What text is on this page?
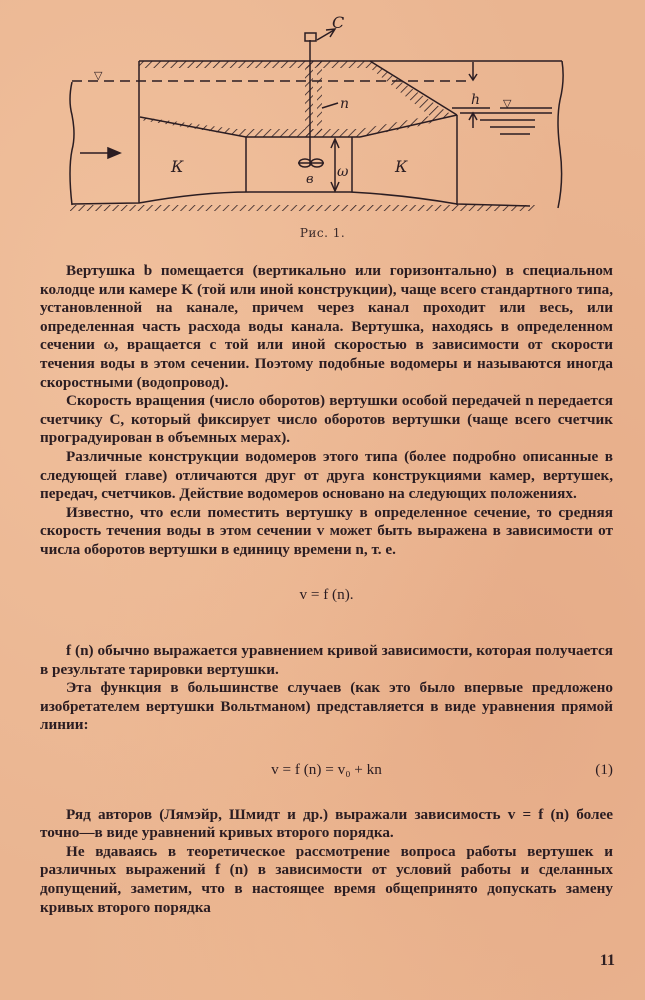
С
n
в ω
К	К
h
▽
▽
Рис. 1.

Вертушка b помещается (вертикально или горизонтально) в специальном колодце или камере K (той или иной конструкции), чаще всего стандартного типа, установленной на канале, причем через канал проходит или весь, или определенная часть расхода воды канала. Вертушка, находясь в определенном сечении ω, вращается с той или иной скоростью в зависимости от скорости течения воды в этом сечении. Поэтому подобные водомеры и называются иногда скоростными (водопровод).

Скорость вращения (число оборотов) вертушки особой передачей n передается счетчику C, который фиксирует число оборотов вертушки (чаще всего счетчик проградуирован в объемных мерах).

Различные конструкции водомеров этого типа (более подробно описанные в следующей главе) отличаются друг от друга конструкциями камер, вертушек, передач, счетчиков. Действие водомеров основано на следующих положениях.

Известно, что если поместить вертушку в определенное сечение, то средняя скорость течения воды в этом сечении v может быть выражена в зависимости от числа оборотов вертушки в единицу времени n, т. е.

v = f (n).

f (n) обычно выражается уравнением кривой зависимости, которая получается в результате тарировки вертушки.

Эта функция в большинстве случаев (как это было впервые предложено изобретателем вертушки Вольтманом) представляется в виде уравнения прямой линии:

v = f (n) = v₀ + kn	(1)

Ряд авторов (Лямэйр, Шмидт и др.) выражали зависимость v = f (n) более точно—в виде уравнений кривых второго порядка.

Не вдаваясь в теоретическое рассмотрение вопроса работы вертушек и различных выражений f (n) в зависимости от условий работы и сделанных допущений, заметим, что в настоящее время общепринято допускать замену кривых второго порядка

11
